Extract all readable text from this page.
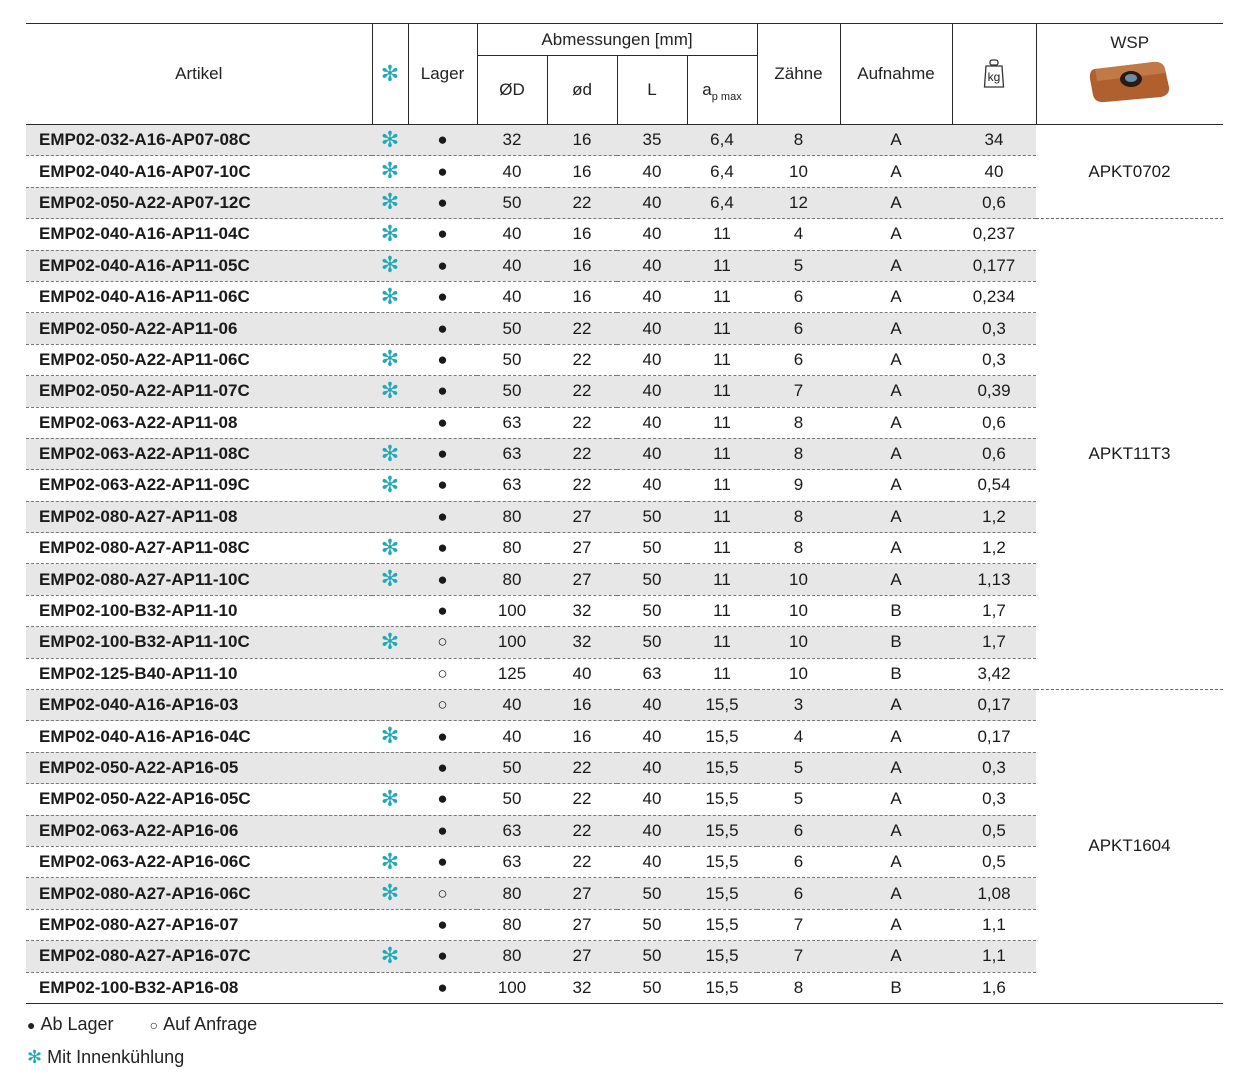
Artikel	✻	Lager	Abmessungen [mm]				Zähne	Aufnahme	kg	WSP

			ØD	ød	L	$a_{p max}$
EMP02-032-A16-AP07-08C	✻	●	32	16	35	6,4	8	A	34	APKT0702
EMP02-040-A16-AP07-10C	✻	●	40	16	40	6,4	10	A	40	
EMP02-050-A22-AP07-12C	✻	●	50	22	40	6,4	12	A	0,6	
EMP02-040-A16-AP11-04C	✻	●	40	16	40	11	4	A	0,237	APKT11T3
EMP02-040-A16-AP11-05C	✻	●	40	16	40	11	5	A	0,177	
EMP02-040-A16-AP11-06C	✻	●	40	16	40	11	6	A	0,234	
EMP02-050-A22-AP11-06		●	50	22	40	11	6	A	0,3	
EMP02-050-A22-AP11-06C	✻	●	50	22	40	11	6	A	0,3	
EMP02-050-A22-AP11-07C	✻	●	50	22	40	11	7	A	0,39	
EMP02-063-A22-AP11-08		●	63	22	40	11	8	A	0,6	
EMP02-063-A22-AP11-08C	✻	●	63	22	40	11	8	A	0,6	
EMP02-063-A22-AP11-09C	✻	●	63	22	40	11	9	A	0,54	
EMP02-080-A27-AP11-08		●	80	27	50	11	8	A	1,2	
EMP02-080-A27-AP11-08C	✻	●	80	27	50	11	8	A	1,2	
EMP02-080-A27-AP11-10C	✻	●	80	27	50	11	10	A	1,13	
EMP02-100-B32-AP11-10		●	100	32	50	11	10	B	1,7	
EMP02-100-B32-AP11-10C	✻	○	100	32	50	11	10	B	1,7	
EMP02-125-B40-AP11-10		○	125	40	63	11	10	B	3,42	
EMP02-040-A16-AP16-03		○	40	16	40	15,5	3	A	0,17	APKT1604
EMP02-040-A16-AP16-04C	✻	●	40	16	40	15,5	4	A	0,17	
EMP02-050-A22-AP16-05		●	50	22	40	15,5	5	A	0,3	
EMP02-050-A22-AP16-05C	✻	●	50	22	40	15,5	5	A	0,3	
EMP02-063-A22-AP16-06		●	63	22	40	15,5	6	A	0,5	
EMP02-063-A22-AP16-06C	✻	●	63	22	40	15,5	6	A	0,5	
EMP02-080-A27-AP16-06C	✻	○	80	27	50	15,5	6	A	1,08	
EMP02-080-A27-AP16-07		●	80	27	50	15,5	7	A	1,1	
EMP02-080-A27-AP16-07C	✻	●	80	27	50	15,5	7	A	1,1	
EMP02-100-B32-AP16-08		●	100	32	50	15,5	8	B	1,6	
● Ab Lager	○ Auf Anfrage
✻ Mit Innenkühlung
